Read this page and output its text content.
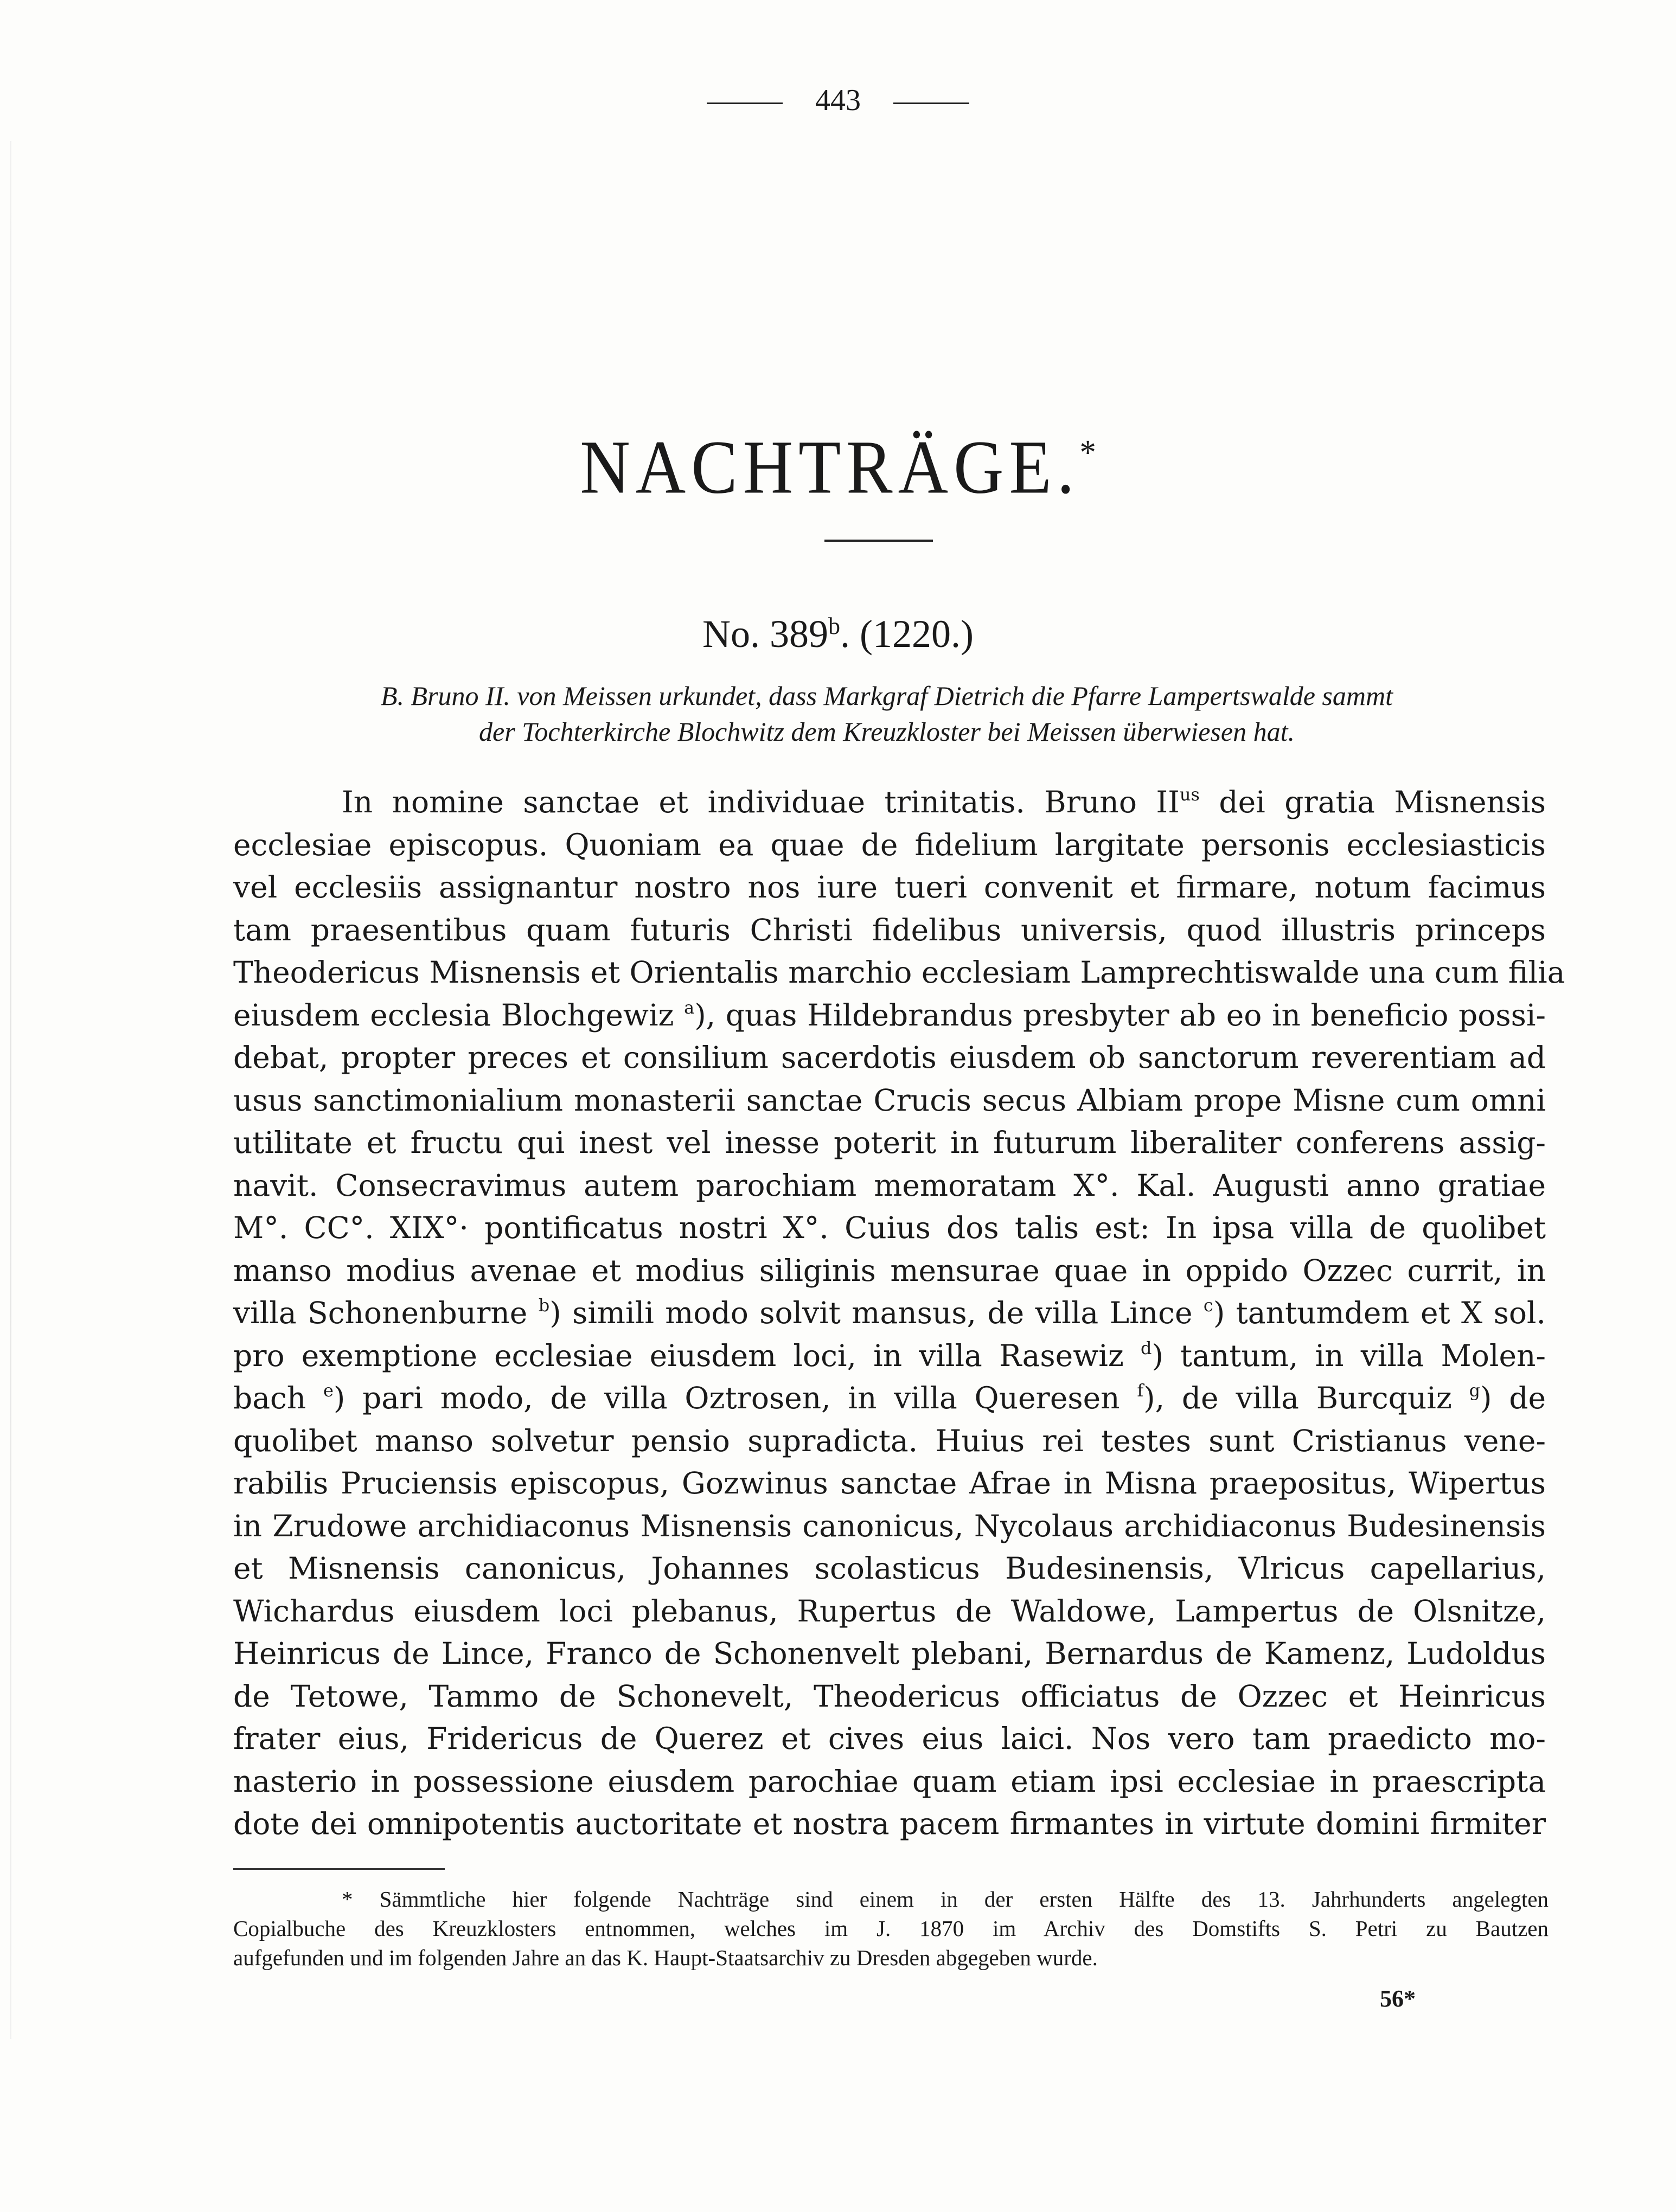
443
NACHTRÄGE.*
No. 389$^b$. (1220.)
B. Bruno II. von Meissen urkundet, dass Markgraf Dietrich die Pfarre Lampertswalde sammt
der Tochterkirche Blochwitz dem Kreuzkloster bei Meissen überwiesen hat.
In nomine sanctae et individuae trinitatis. Bruno II$^{us}$ dei gratia Misnensis
ecclesiae episcopus. Quoniam ea quae de fidelium largitate personis ecclesiasticis
vel ecclesiis assignantur nostro nos iure tueri convenit et firmare, notum facimus
tam praesentibus quam futuris Christi fidelibus universis, quod illustris princeps
Theodericus Misnensis et Orientalis marchio ecclesiam Lamprechtiswalde una cum filia
eiusdem ecclesia Blochgewiz $^a$), quas Hildebrandus presbyter ab eo in beneficio possi-
debat, propter preces et consilium sacerdotis eiusdem ob sanctorum reverentiam ad
usus sanctimonialium monasterii sanctae Crucis secus Albiam prope Misne cum omni
utilitate et fructu qui inest vel inesse poterit in futurum liberaliter conferens assig-
navit. Consecravimus autem parochiam memoratam X°. Kal. Augusti anno gratiae
M°. CC°. XIX°· pontificatus nostri X°. Cuius dos talis est: In ipsa villa de quolibet
manso modius avenae et modius siliginis mensurae quae in oppido Ozzec currit, in
villa Schonenburne $^b$) simili modo solvit mansus, de villa Lince $^c$) tantumdem et X sol.
pro exemptione ecclesiae eiusdem loci, in villa Rasewiz $^d$) tantum, in villa Molen-
bach $^e$) pari modo, de villa Oztrosen, in villa Queresen $^f$), de villa Burcquiz $^g$) de
quolibet manso solvetur pensio supradicta. Huius rei testes sunt Cristianus vene-
rabilis Pruciensis episcopus, Gozwinus sanctae Afrae in Misna praepositus, Wipertus
in Zrudowe archidiaconus Misnensis canonicus, Nycolaus archidiaconus Budesinensis
et Misnensis canonicus, Johannes scolasticus Budesinensis, Vlricus capellarius,
Wichardus eiusdem loci plebanus, Rupertus de Waldowe, Lampertus de Olsnitze,
Heinricus de Lince, Franco de Schonenvelt plebani, Bernardus de Kamenz, Ludoldus
de Tetowe, Tammo de Schonevelt, Theodericus officiatus de Ozzec et Heinricus
frater eius, Fridericus de Querez et cives eius laici. Nos vero tam praedicto mo-
nasterio in possessione eiusdem parochiae quam etiam ipsi ecclesiae in praescripta
dote dei omnipotentis auctoritate et nostra pacem firmantes in virtute domini firmiter
* Sämmtliche hier folgende Nachträge sind einem in der ersten Hälfte des 13. Jahrhunderts angelegten
Copialbuche des Kreuzklosters entnommen, welches im J. 1870 im Archiv des Domstifts S. Petri zu Bautzen
aufgefunden und im folgenden Jahre an das K. Haupt-Staatsarchiv zu Dresden abgegeben wurde.
56*
